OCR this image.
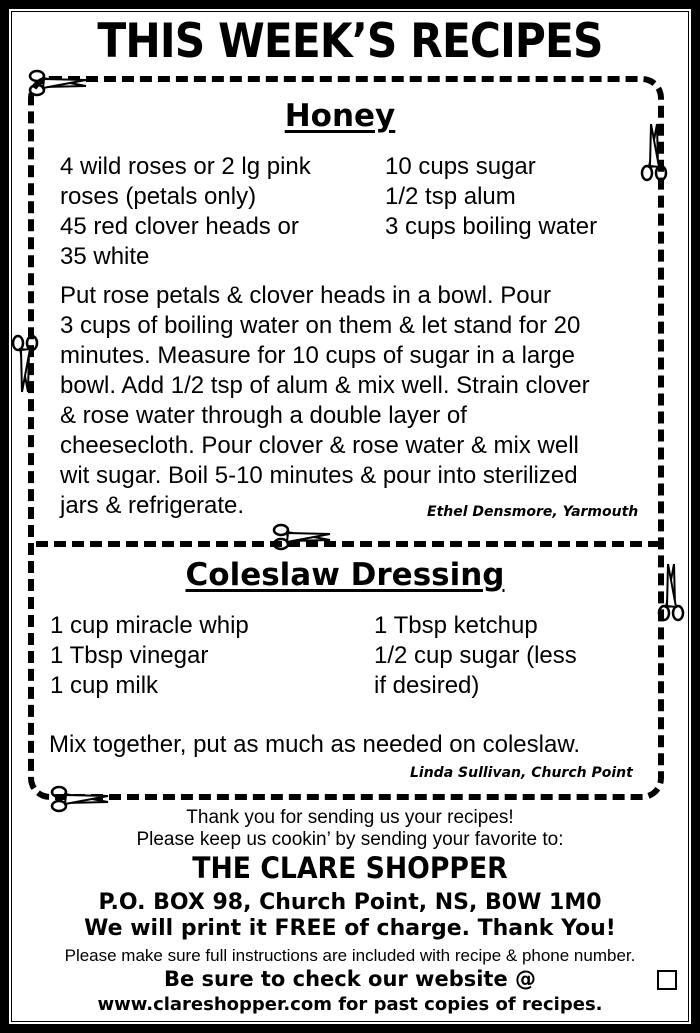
THIS WEEK’S RECIPES
Honey
4 wild roses or 2 lg pink
roses (petals only)
45 red clover heads or
35 white
10 cups sugar
1/2 tsp alum
3 cups boiling water
Put rose petals & clover heads in a bowl. Pour
3 cups of boiling water on them & let stand for 20
minutes. Measure for 10 cups of sugar in a large
bowl. Add 1/2 tsp of alum & mix well. Strain clover
& rose water through a double layer of
cheesecloth. Pour clover & rose water & mix well
wit sugar. Boil 5-10 minutes & pour into sterilized
jars & refrigerate.	Ethel Densmore, Yarmouth
Coleslaw Dressing
1 cup miracle whip
1 Tbsp vinegar
1 cup milk
1 Tbsp ketchup
1/2 cup sugar (less
if desired)
Mix together, put as much as needed on coleslaw.
Linda Sullivan, Church Point
Thank you for sending us your recipes!
Please keep us cookin’ by sending your favorite to:
THE CLARE SHOPPER
P.O. BOX 98, Church Point, NS, B0W 1M0
We will print it FREE of charge. Thank You!
Please make sure full instructions are included with recipe & phone number.
Be sure to check our website @
www.clareshopper.com for past copies of recipes.
